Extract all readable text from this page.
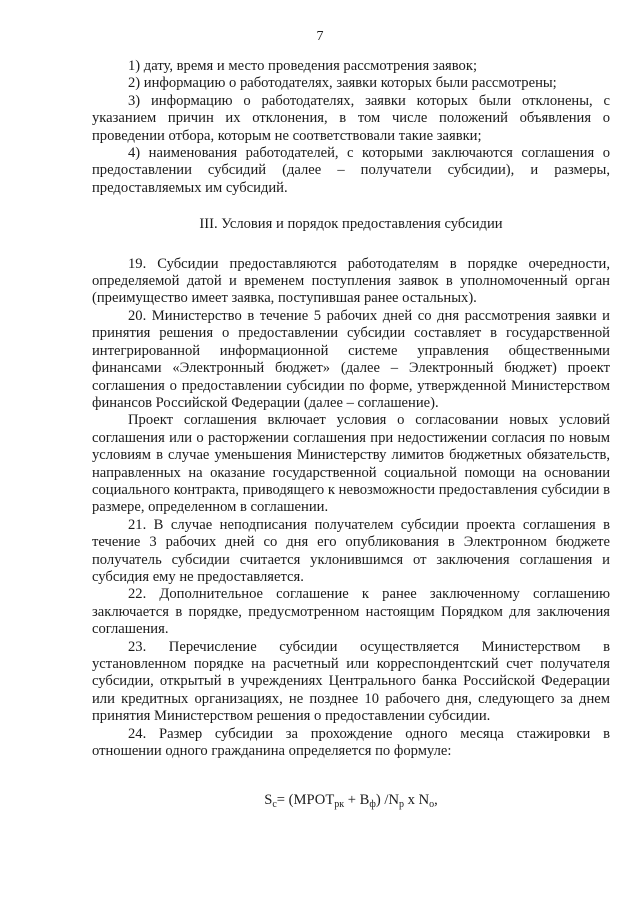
7

1) дату, время и место проведения рассмотрения заявок;

2) информацию о работодателях, заявки которых были рассмотрены;

3) информацию о работодателях, заявки которых были отклонены, с указанием причин их отклонения, в том числе положений объявления о проведении отбора, которым не соответствовали такие заявки;

4) наименования работодателей, с которыми заключаются соглашения о предоставлении субсидий (далее – получатели субсидии), и размеры, предоставляемых им субсидий.

III. Условия и порядок предоставления субсидии

19. Субсидии предоставляются работодателям в порядке очередности, определяемой датой и временем поступления заявок в уполномоченный орган (преимущество имеет заявка, поступившая ранее остальных).

20. Министерство в течение 5 рабочих дней со дня рассмотрения заявки и принятия решения о предоставлении субсидии составляет в государственной интегрированной информационной системе управления общественными финансами «Электронный бюджет» (далее – Электронный бюджет) проект соглашения о предоставлении субсидии по форме, утвержденной Министерством финансов Российской Федерации (далее – соглашение).

Проект соглашения включает условия о согласовании новых условий соглашения или о расторжении соглашения при недостижении согласия по новым условиям в случае уменьшения Министерству лимитов бюджетных обязательств, направленных на оказание государственной социальной помощи на основании социального контракта, приводящего к невозможности предоставления субсидии в размере, определенном в соглашении.

21. В случае неподписания получателем субсидии проекта соглашения в течение 3 рабочих дней со дня его опубликования в Электронном бюджете получатель субсидии считается уклонившимся от заключения соглашения и субсидия ему не предоставляется.

22. Дополнительное соглашение к ранее заключенному соглашению заключается в порядке, предусмотренном настоящим Порядком для заключения соглашения.

23. Перечисление субсидии осуществляется Министерством в установленном порядке на расчетный или корреспондентский счет получателя субсидии, открытый в учреждениях Центрального банка Российской Федерации или кредитных организациях, не позднее 10 рабочего дня, следующего за днем принятия Министерством решения о предоставлении субсидии.

24. Размер субсидии за прохождение одного месяца стажировки в отношении одного гражданина определяется по формуле:

$S_c=$ $(МРОТ_{рк} + В_ф)$ $/N_р$ х $N_о$,
